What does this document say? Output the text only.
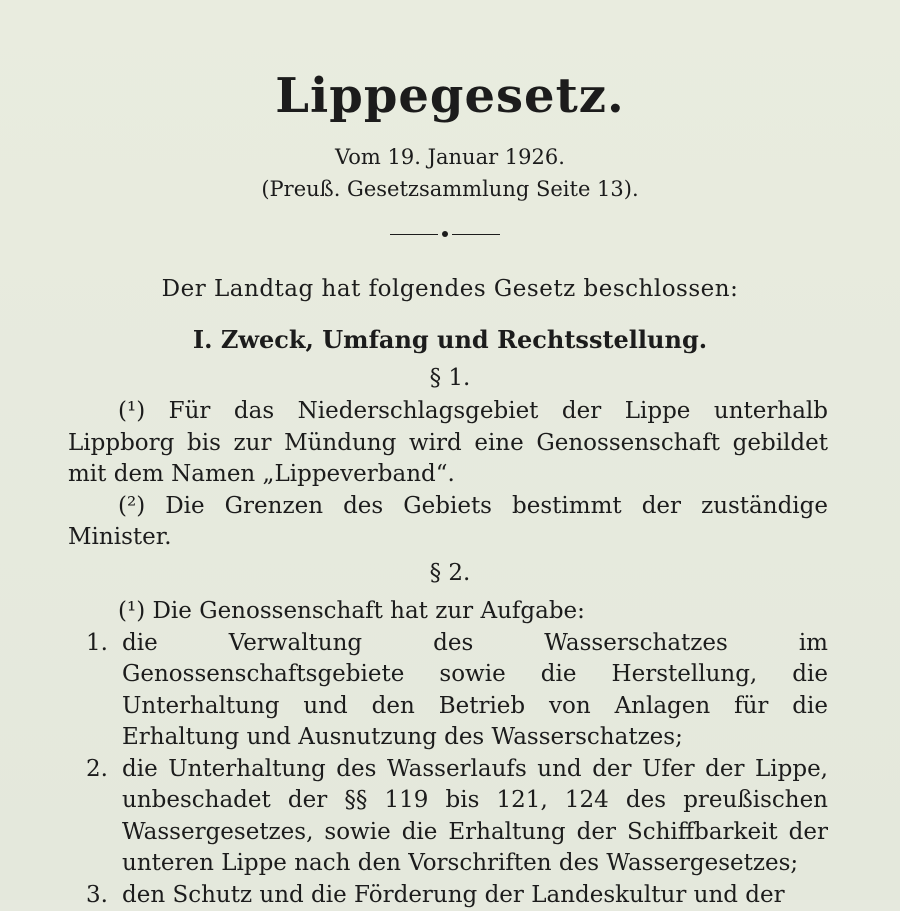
Lippegesetz.
Vom 19. Januar 1926.
(Preuß. Gesetzsammlung Seite 13).
Der Landtag hat folgendes Gesetz beschlossen:
I. Zweck, Umfang und Rechtsstellung.
§ 1.

(¹) Für das Niederschlagsgebiet der Lippe unterhalb Lippborg bis zur Mündung wird eine Genossenschaft gebildet mit dem Namen „Lippeverband“.

(²) Die Grenzen des Gebiets bestimmt der zuständige Minister.

§ 2.

(¹) Die Genossenschaft hat zur Aufgabe:

1. die Verwaltung des Wasserschatzes im Genossenschaftsgebiete sowie die Herstellung, die Unterhaltung und den Betrieb von Anlagen für die Erhaltung und Ausnutzung des Wasserschatzes;
2. die Unterhaltung des Wasserlaufs und der Ufer der Lippe, unbeschadet der §§ 119 bis 121, 124 des preußischen Wassergesetzes, sowie die Erhaltung der Schiffbarkeit der unteren Lippe nach den Vorschriften des Wassergesetzes;
3. den Schutz und die Förderung der Landeskultur und der
